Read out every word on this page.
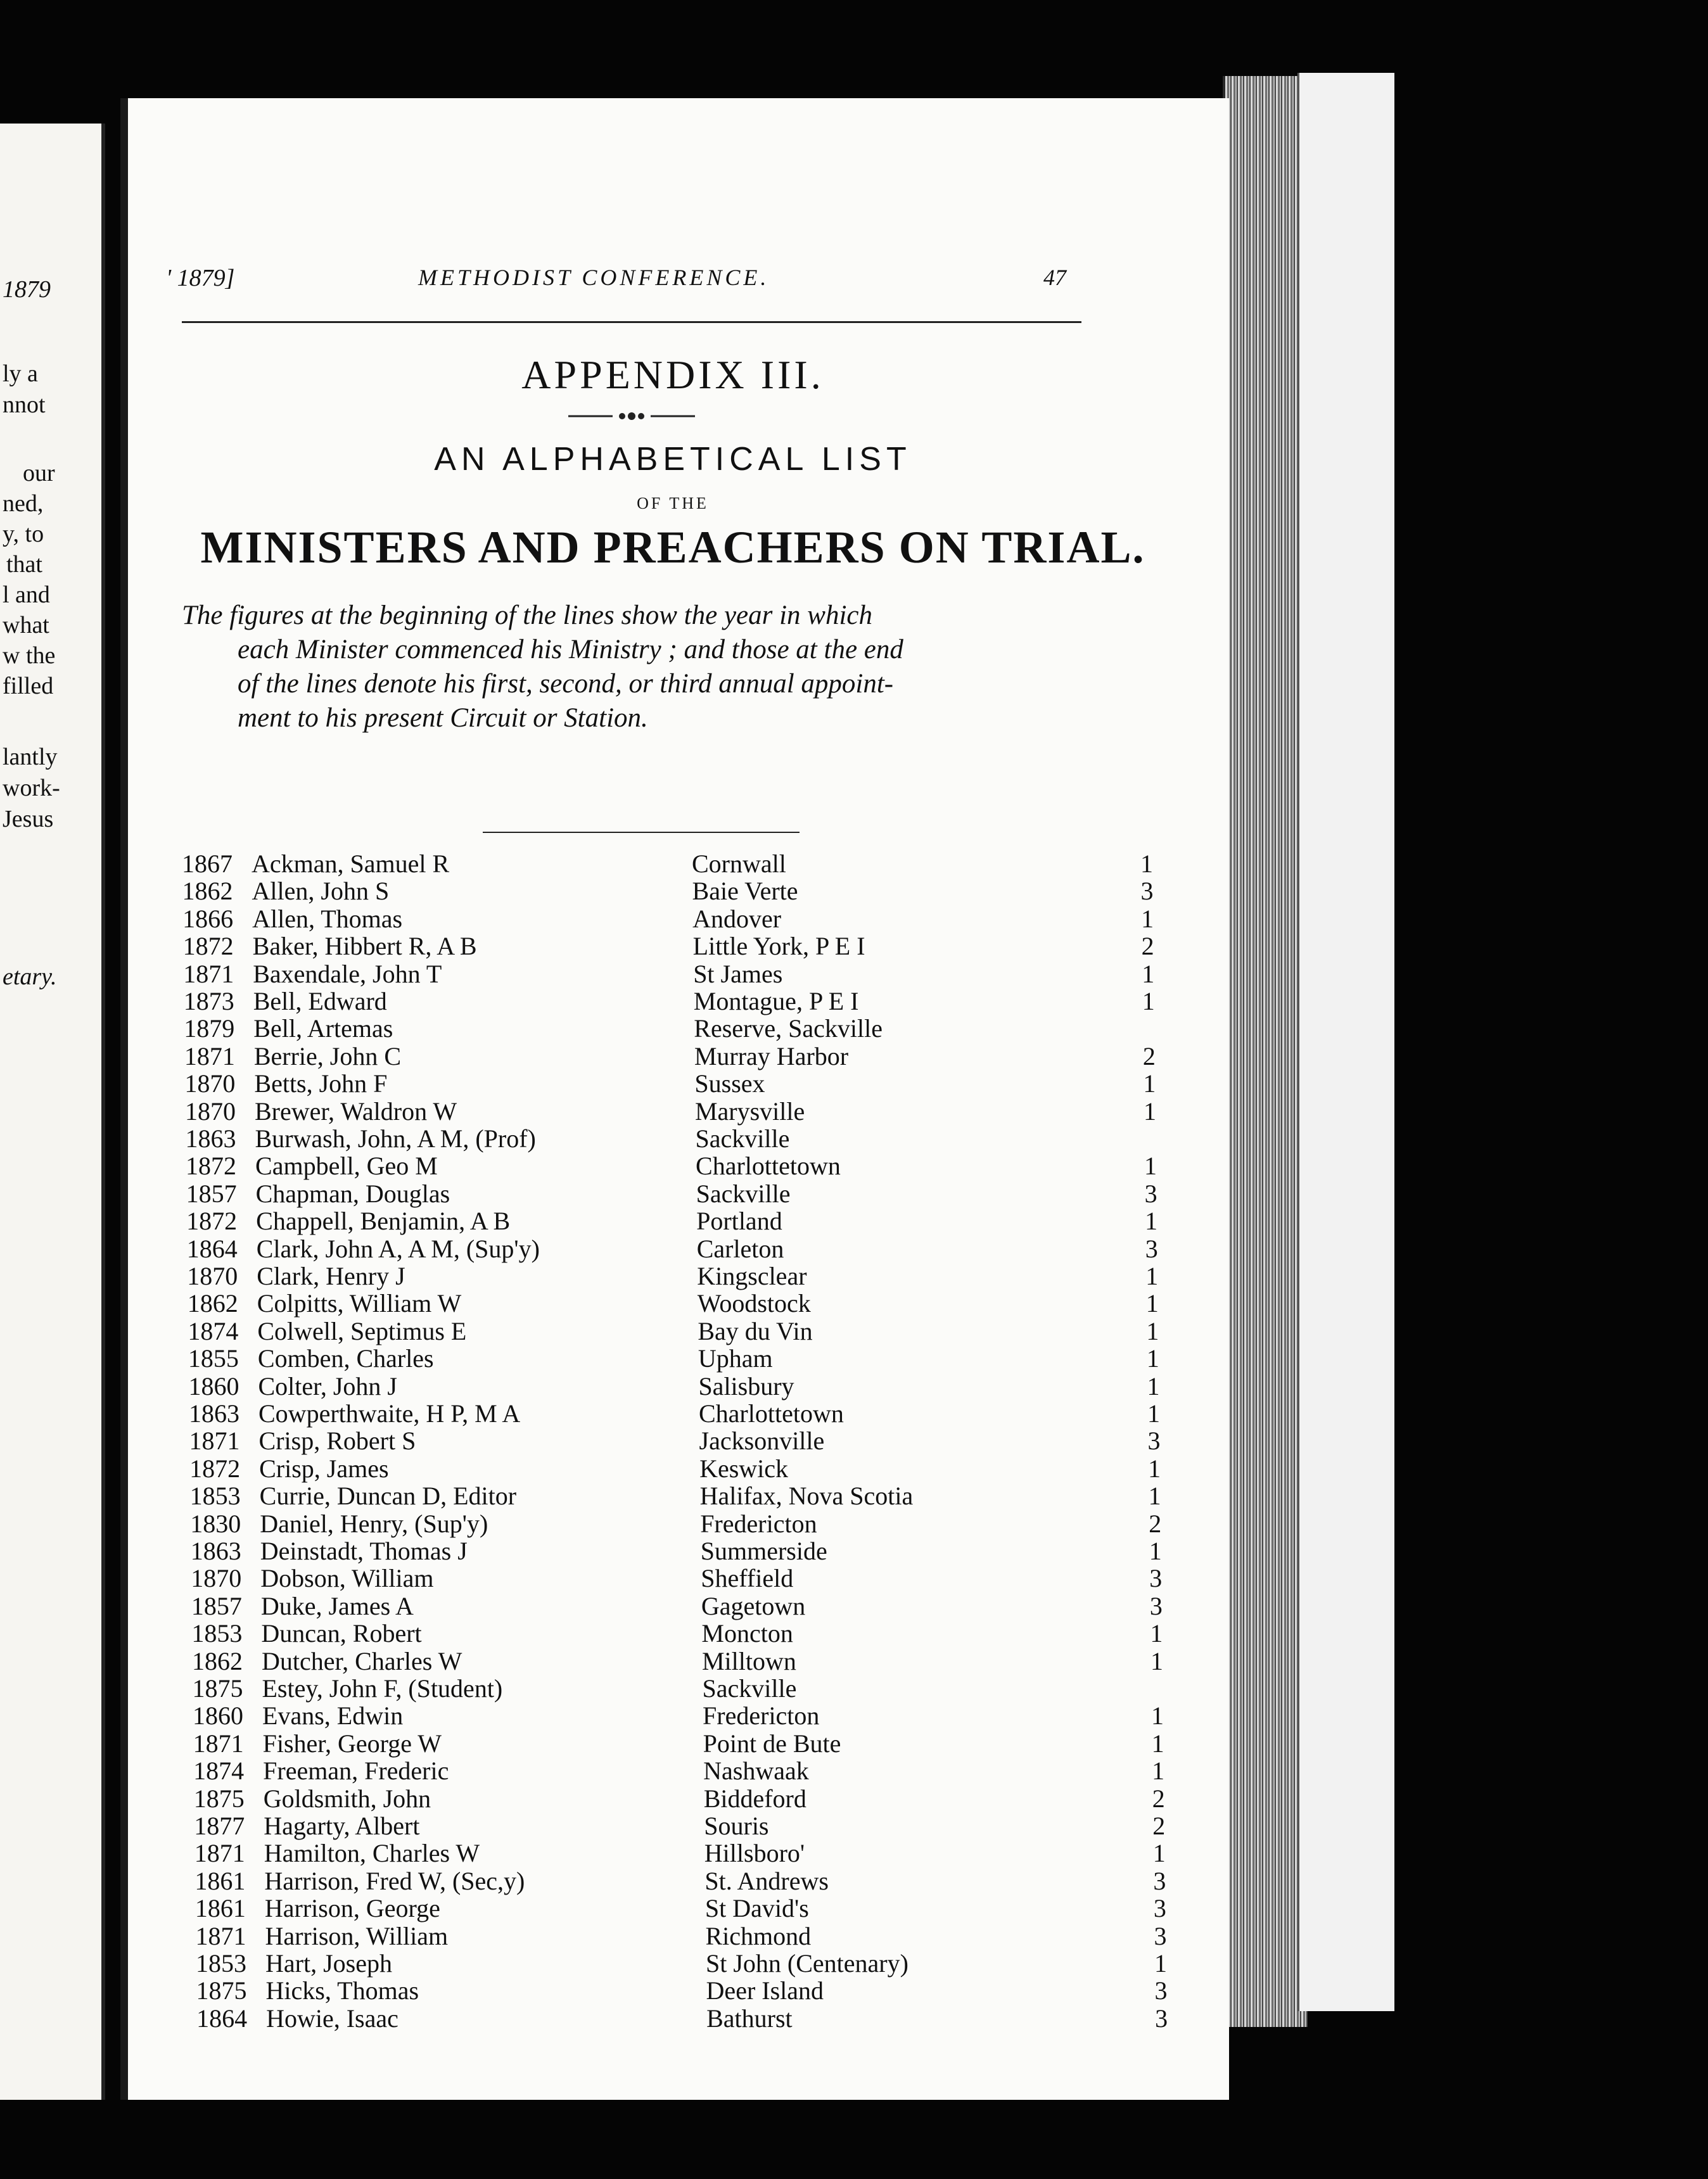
1879
ly a
nnot
our
ned,
y, to
that
l and
what
w the
filled
lantly
work-
Jesus
etary.
' 1879]	METHODIST CONFERENCE.	47
APPENDIX III.
AN ALPHABETICAL LIST
OF THE
MINISTERS AND PREACHERS ON TRIAL.
The figures at the beginning of the lines show the year in which
each Minister commenced his Ministry ; and those at the end
of the lines denote his first, second, or third annual appoint-
ment to his present Circuit or Station.
1867 Ackman, Samuel R	Cornwall	1
1862 Allen, John S	Baie Verte	3
1866 Allen, Thomas	Andover	1
1872 Baker, Hibbert R, A B	Little York, P E I	2
1871 Baxendale, John T	St James	1
1873 Bell, Edward	Montague, P E I	1
1879 Bell, Artemas	Reserve, Sackville
1871 Berrie, John C	Murray Harbor	2
1870 Betts, John F	Sussex	1
1870 Brewer, Waldron W	Marysville	1
1863 Burwash, John, A M, (Prof)	Sackville
1872 Campbell, Geo M	Charlottetown	1
1857 Chapman, Douglas	Sackville	3
1872 Chappell, Benjamin, A B	Portland	1
1864 Clark, John A, A M, (Sup'y)	Carleton	3
1870 Clark, Henry J	Kingsclear	1
1862 Colpitts, William W	Woodstock	1
1874 Colwell, Septimus E	Bay du Vin	1
1855 Comben, Charles	Upham	1
1860 Colter, John J	Salisbury	1
1863 Cowperthwaite, H P, M A	Charlottetown	1
1871 Crisp, Robert S	Jacksonville	3
1872 Crisp, James	Keswick	1
1853 Currie, Duncan D, Editor	Halifax, Nova Scotia	1
1830 Daniel, Henry, (Sup'y)	Fredericton	2
1863 Deinstadt, Thomas J	Summerside	1
1870 Dobson, William	Sheffield	3
1857 Duke, James A	Gagetown	3
1853 Duncan, Robert	Moncton	1
1862 Dutcher, Charles W	Milltown	1
1875 Estey, John F, (Student)	Sackville
1860 Evans, Edwin	Fredericton	1
1871 Fisher, George W	Point de Bute	1
1874 Freeman, Frederic	Nashwaak	1
1875 Goldsmith, John	Biddeford	2
1877 Hagarty, Albert	Souris	2
1871 Hamilton, Charles W	Hillsboro'	1
1861 Harrison, Fred W, (Sec,y)	St. Andrews	3
1861 Harrison, George	St David's	3
1871 Harrison, William	Richmond	3
1853 Hart, Joseph	St John (Centenary)	1
1875 Hicks, Thomas	Deer Island	3
1864 Howie, Isaac	Bathurst	3
